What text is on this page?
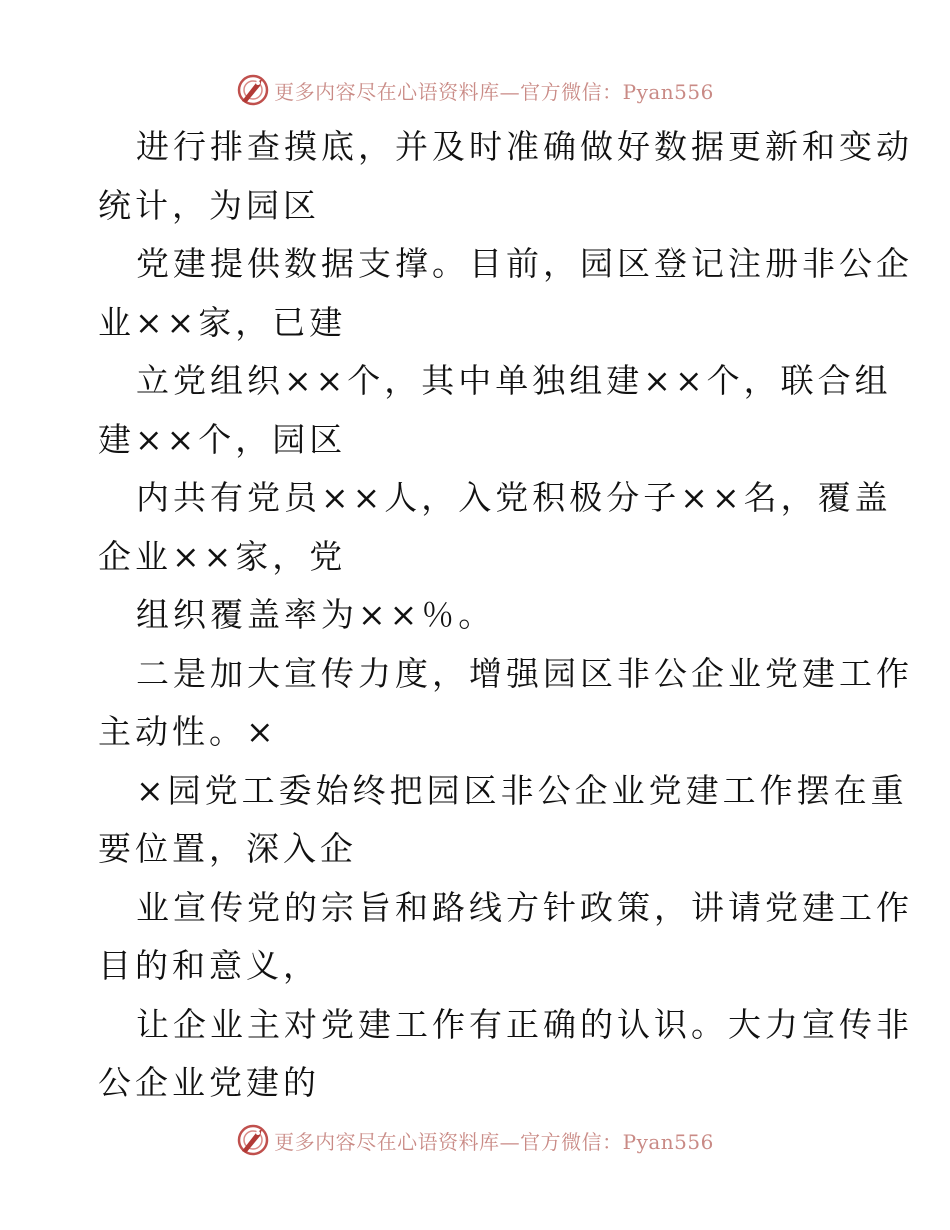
更多内容尽在心语资料库—官方微信：Pyan556

进行排查摸底，并及时准确做好数据更新和变动

统计，为园区

党建提供数据支撑。目前，园区登记注册非公企

业××家，已建

立党组织××个，其中单独组建××个，联合组

建××个，园区

内共有党员××人，入党积极分子××名，覆盖

企业××家，党

组织覆盖率为××％。

二是加大宣传力度，增强园区非公企业党建工作

主动性。×

×园党工委始终把园区非公企业党建工作摆在重

要位置，深入企

业宣传党的宗旨和路线方针政策，讲请党建工作

目的和意义，

让企业主对党建工作有正确的认识。大力宣传非

公企业党建的

更多内容尽在心语资料库—官方微信：Pyan556
